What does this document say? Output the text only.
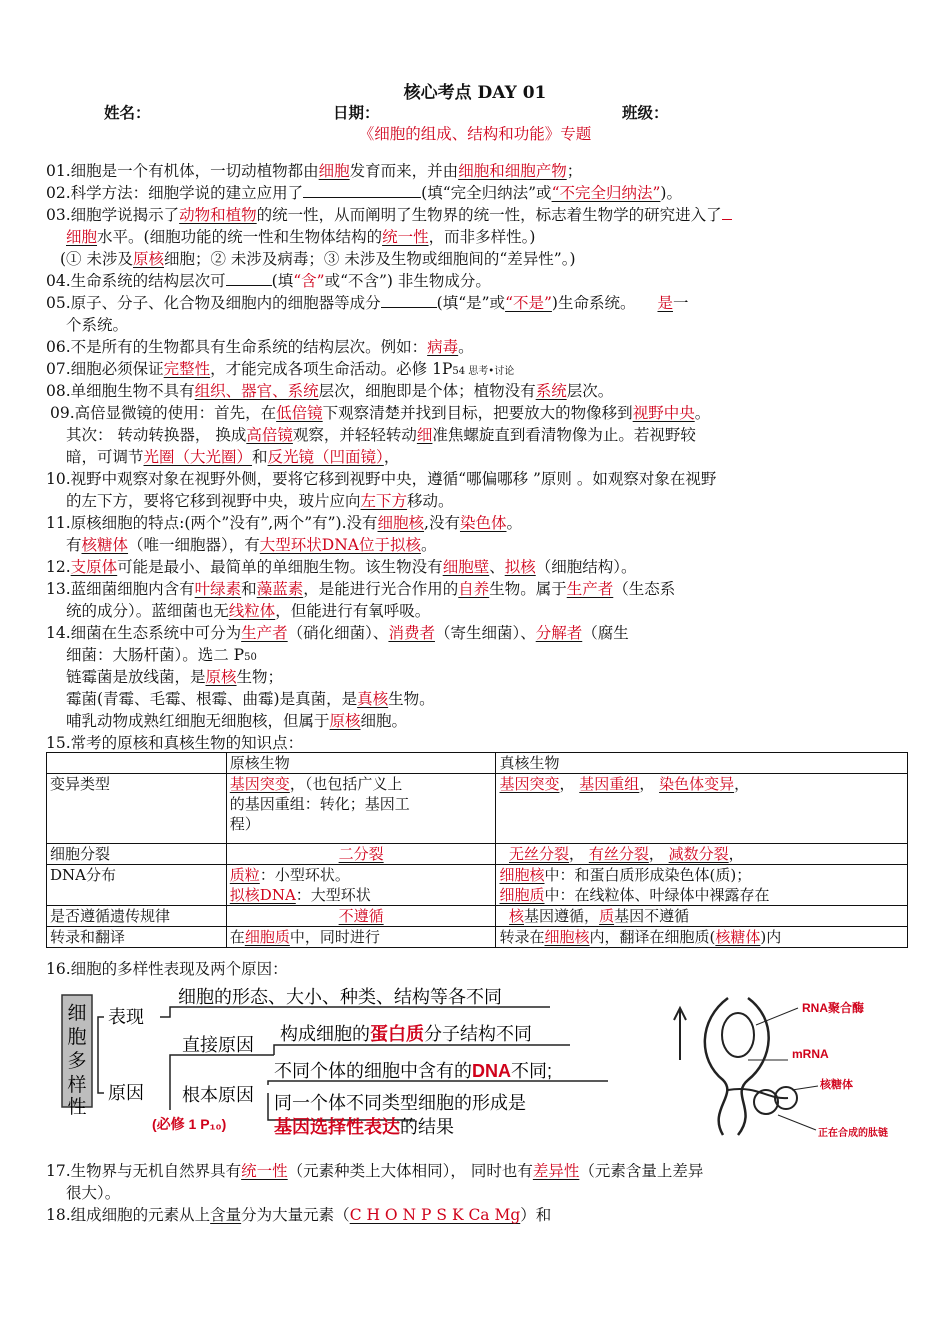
核心考点 DAY 01
姓名：	日期：	班级：
《细胞的组成、结构和功能》专题
01.细胞是一个有机体，一切动植物都由细胞发育而来，并由细胞和细胞产物；
02.科学方法：细胞学说的建立应用了	(填“完全归纳法”或“不完全归纳法”)。
03.细胞学说揭示了动物和植物的统一性，从而阐明了生物界的统一性，标志着生物学的研究进入了
细胞水平。(细胞功能的统一性和生物体结构的统一性，而非多样性。)
(① 未涉及原核细胞；② 未涉及病毒；③ 未涉及生物或细胞间的“差异性”。)
04.生命系统的结构层次可	(填“含”或“不含”) 非生物成分。
05.原子、分子、化合物及细胞内的细胞器等成分	(填“是”或“不是”)生命系统。 是一
个系统。
06.不是所有的生物都具有生命系统的结构层次。例如：病毒。
07.细胞必须保证完整性，才能完成各项生命活动。必修 1P54 思考•讨论
08.单细胞生物不具有组织、器官、系统层次，细胞即是个体；植物没有系统层次。
09.高倍显微镜的使用：首先，在低倍镜下观察清楚并找到目标，把要放大的物像移到视野中央。
其次： 转动转换器， 换成高倍镜观察，并轻轻转动细准焦螺旋直到看清物像为止。若视野较
暗，可调节光圈（大光圈）和反光镜（凹面镜），
10.视野中观察对象在视野外侧，要将它移到视野中央，遵循“哪偏哪移 ”原则 。如观察对象在视野
的左下方，要将它移到视野中央，玻片应向左下方移动。
11.原核细胞的特点:(两个”没有”,两个”有”).没有细胞核,没有染色体。
有核糖体（唯一细胞器），有大型环状DNA位于拟核。
12.支原体可能是最小、最简单的单细胞生物。该生物没有细胞壁、拟核（细胞结构）。
13.蓝细菌细胞内含有叶绿素和藻蓝素，是能进行光合作用的自养生物。属于生产者（生态系
统的成分）。蓝细菌也无线粒体，但能进行有氧呼吸。
14.细菌在生态系统中可分为生产者（硝化细菌）、消费者（寄生细菌）、分解者（腐生
细菌：大肠杆菌）。选二 P50
链霉菌是放线菌，是原核生物；
霉菌(青霉、毛霉、根霉、曲霉)是真菌，是真核生物。
哺乳动物成熟红细胞无细胞核，但属于原核细胞。
15.常考的原核和真核生物的知识点：
	原核生物	真核生物
变异类型	基因突变，（也包括广义上
的基因重组：转化；基因工
程）	基因突变， 基因重组， 染色体变异，
细胞分裂	二分裂	无丝分裂， 有丝分裂， 减数分裂，
DNA分布	质粒：小型环状。
拟核DNA：大型环状	细胞核中：和蛋白质形成染色体(质)；
细胞质中：在线粒体、叶绿体中裸露存在
是否遵循遗传规律	不遵循	核基因遵循，质基因不遵循
转录和翻译	在细胞质中，同时进行	转录在细胞核内，翻译在细胞质(核糖体)内
16.细胞的多样性表现及两个原因：
细
胞
多
样
性
表现
原因
细胞的形态、大小、种类、结构等各不同
直接原因
构成细胞的蛋白质分子结构不同
根本原因
不同个体的细胞中含有的DNA不同;
同一个体不同类型细胞的形成是
基因选择性表达的结果
(必修 1 P₁₀)
RNA聚合酶
mRNA
核糖体
正在合成的肽链
17.生物界与无机自然界具有统一性（元素种类上大体相同）， 同时也有差异性（元素含量上差异
很大）。
18.组成细胞的元素从上含量分为大量元素（C H O N P S K Ca Mg）和
